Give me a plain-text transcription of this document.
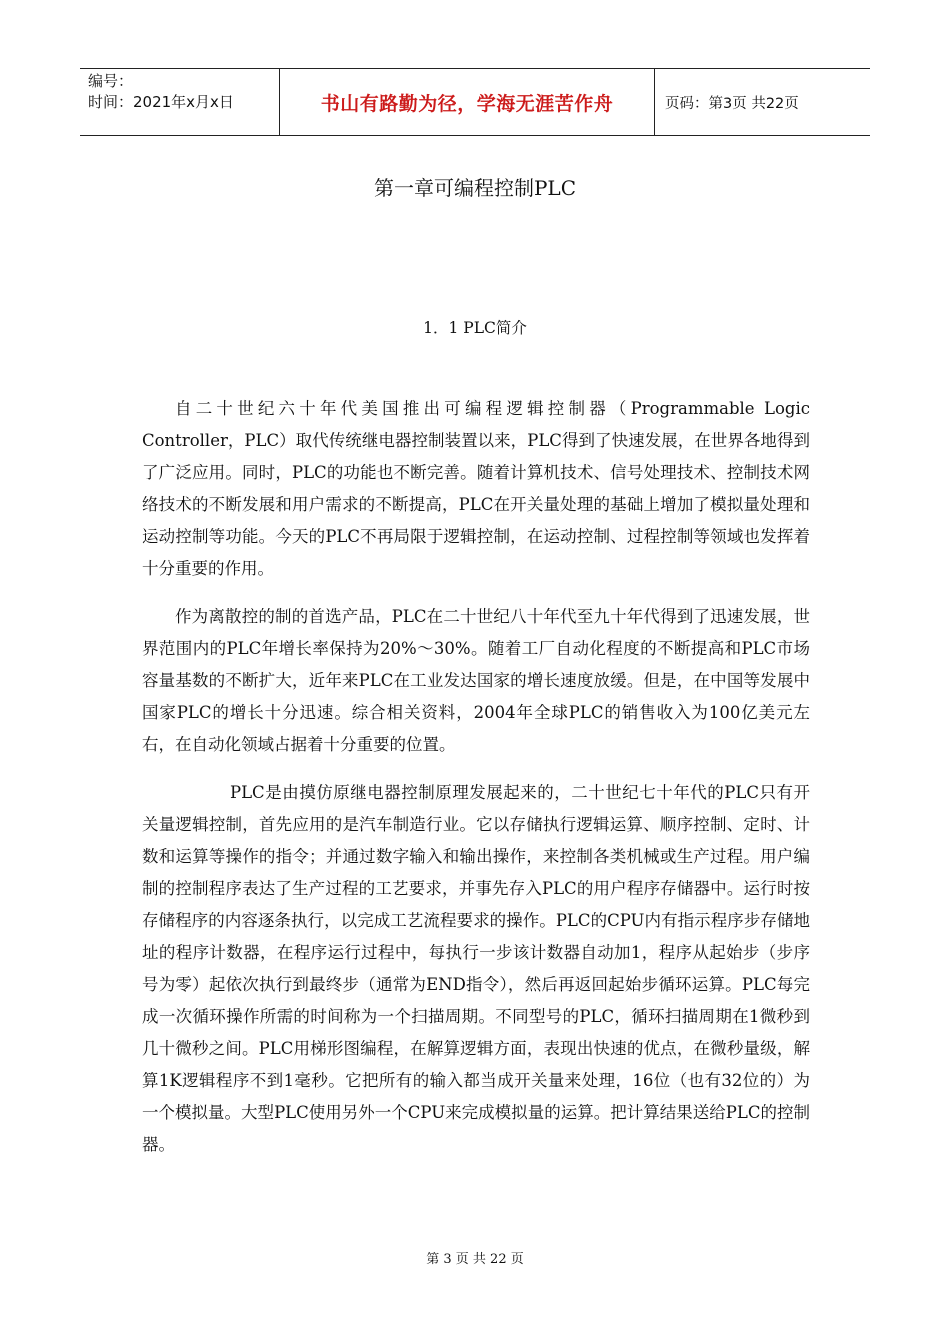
编号：
时间：2021年x月x日	书山有路勤为径，学海无涯苦作舟	页码：第3页 共22页
第一章可编程控制PLC
1．1 PLC简介

自二十世纪六十年代美国推出可编程逻辑控制器（Programmable Logic Controller，PLC）取代传统继电器控制装置以来，PLC得到了快速发展，在世界各地得到了广泛应用。同时，PLC的功能也不断完善。随着计算机技术、信号处理技术、控制技术网络技术的不断发展和用户需求的不断提高，PLC在开关量处理的基础上增加了模拟量处理和运动控制等功能。今天的PLC不再局限于逻辑控制，在运动控制、过程控制等领域也发挥着十分重要的作用。

作为离散控的制的首选产品，PLC在二十世纪八十年代至九十年代得到了迅速发展，世界范围内的PLC年增长率保持为20%～30%。随着工厂自动化程度的不断提高和PLC市场容量基数的不断扩大，近年来PLC在工业发达国家的增长速度放缓。但是，在中国等发展中国家PLC的增长十分迅速。综合相关资料，2004年全球PLC的销售收入为100亿美元左右，在自动化领域占据着十分重要的位置。

PLC是由摸仿原继电器控制原理发展起来的，二十世纪七十年代的PLC只有开关量逻辑控制，首先应用的是汽车制造行业。它以存储执行逻辑运算、顺序控制、定时、计数和运算等操作的指令；并通过数字输入和输出操作，来控制各类机械或生产过程。用户编制的控制程序表达了生产过程的工艺要求，并事先存入PLC的用户程序存储器中。运行时按存储程序的内容逐条执行，以完成工艺流程要求的操作。PLC的CPU内有指示程序步存储地址的程序计数器，在程序运行过程中，每执行一步该计数器自动加1，程序从起始步（步序号为零）起依次执行到最终步（通常为END指令），然后再返回起始步循环运算。PLC每完成一次循环操作所需的时间称为一个扫描周期。不同型号的PLC，循环扫描周期在1微秒到几十微秒之间。PLC用梯形图编程，在解算逻辑方面，表现出快速的优点，在微秒量级，解算1K逻辑程序不到1毫秒。它把所有的输入都当成开关量来处理，16位（也有32位的）为一个模拟量。大型PLC使用另外一个CPU来完成模拟量的运算。把计算结果送给PLC的控制器。

第 3 页 共 22 页
